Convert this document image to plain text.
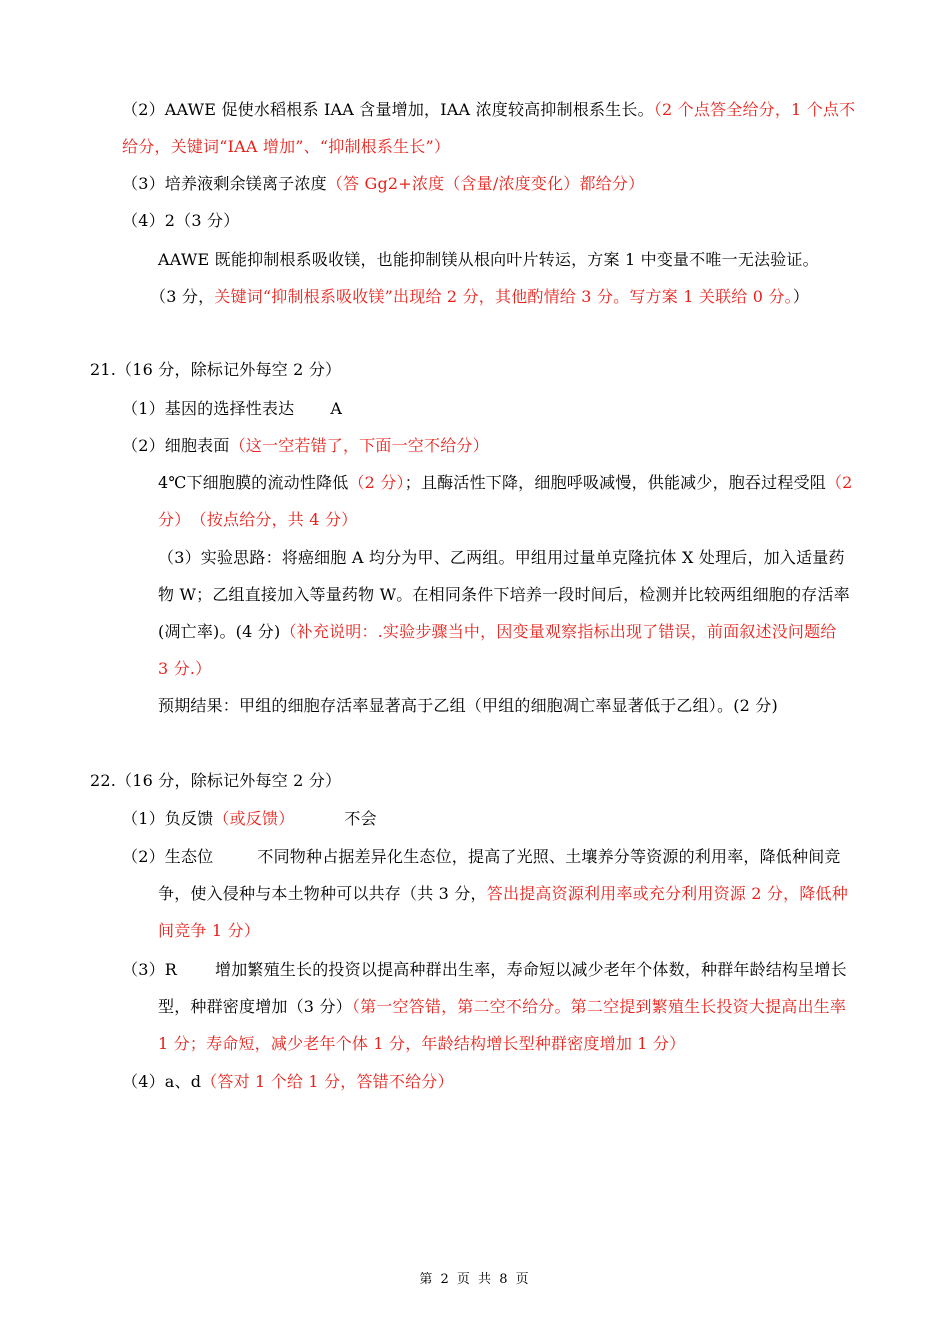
（2）AAWE 促使水稻根系 IAA 含量增加，IAA 浓度较高抑制根系生长。（2 个点答全给分，1 个点不
给分，关键词“IAA 增加”、“抑制根系生长”）
（3）培养液剩余镁离子浓度（答 Gg2+浓度（含量/浓度变化）都给分）
（4）2（3 分）
AAWE 既能抑制根系吸收镁，也能抑制镁从根向叶片转运，方案 1 中变量不唯一无法验证。
（3 分，关键词“抑制根系吸收镁”出现给 2 分，其他酌情给 3 分。写方案 1 关联给 0 分。）
21.（16 分，除标记外每空 2 分）
（1）基因的选择性表达 A
（2）细胞表面（这一空若错了，下面一空不给分）
4℃下细胞膜的流动性降低（2 分）；且酶活性下降，细胞呼吸减慢，供能减少，胞吞过程受阻（2
分）　（按点给分，共 4 分）
（3）实验思路：将癌细胞 A 均分为甲、乙两组。甲组用过量单克隆抗体 X 处理后，加入适量药
物 W；乙组直接加入等量药物 W。在相同条件下培养一段时间后，检测并比较两组细胞的存活率
(凋亡率)。(4 分)（补充说明：.实验步骤当中，因变量观察指标出现了错误，前面叙述没问题给
3 分.）
预期结果：甲组的细胞存活率显著高于乙组（甲组的细胞凋亡率显著低于乙组）。(2 分)
22.（16 分，除标记外每空 2 分）
（1）负反馈（或反馈）	不会
（2）生态位	不同物种占据差异化生态位，提高了光照、土壤养分等资源的利用率，降低种间竞
争，使入侵种与本土物种可以共存（共 3 分，答出提高资源利用率或充分利用资源 2 分，降低种
间竞争 1 分）
（3）R 增加繁殖生长的投资以提高种群出生率，寿命短以减少老年个体数，种群年龄结构呈增长
型，种群密度增加（3 分）（第一空答错，第二空不给分。第二空提到繁殖生长投资大提高出生率
1 分；寿命短，减少老年个体 1 分，年龄结构增长型种群密度增加 1 分）
（4）a、d（答对 1 个给 1 分，答错不给分）
第 2 页 共 8 页
